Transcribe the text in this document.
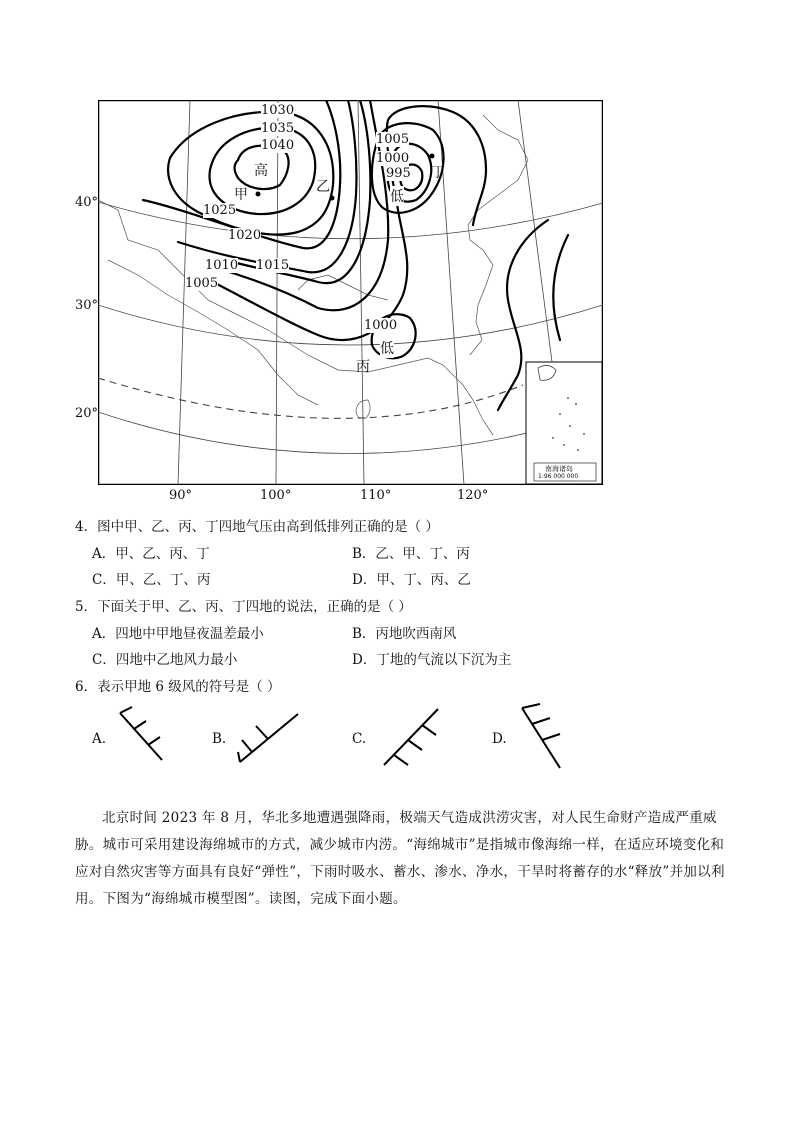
1030
1035
1040
1025
1020
1015
1010
1005
1005
1000
995
1000
高
低
低
甲	乙
丙
丁
南海诸岛
1:96 000 000
40°
30°
20°
90°	100°	110°	120°
4．图中甲、乙、丙、丁四地气压由高到低排列正确的是（ ）
A．甲、乙、丙、丁	B．乙、甲、丁、丙
C．甲、乙、丁、丙	D．甲、丁、丙、乙
5．下面关于甲、乙、丙、丁四地的说法，正确的是（ ）
A．四地中甲地昼夜温差最小	B．丙地吹西南风
C．四地中乙地风力最小	D．丁地的气流以下沉为主
6．表示甲地 6 级风的符号是（ ）
A.	B.	C.	D.

北京时间 2023 年 8 月，华北多地遭遇强降雨，极端天气造成洪涝灾害，对人民生命财产造成严重威胁。城市可采用建设海绵城市的方式，减少城市内涝。“海绵城市”是指城市像海绵一样，在适应环境变化和应对自然灾害等方面具有良好“弹性”，下雨时吸水、蓄水、渗水、净水，干旱时将蓄存的水“释放”并加以利用。下图为“海绵城市模型图”。读图，完成下面小题。
